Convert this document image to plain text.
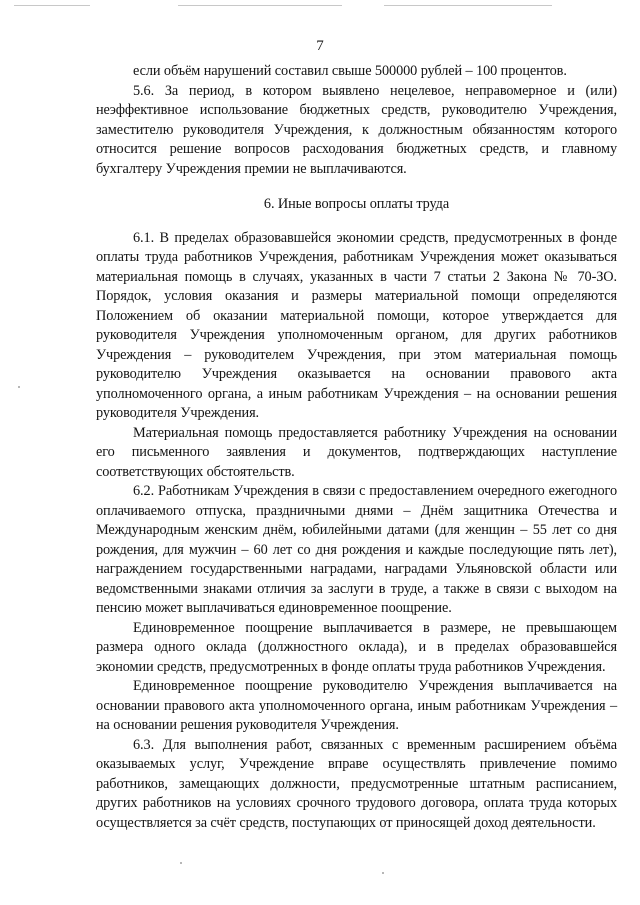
7

если объём нарушений составил свыше 500000 рублей – 100 процентов.

5.6. За период, в котором выявлено нецелевое, неправомерное и (или) неэффективное использование бюджетных средств, руководителю Учреждения, заместителю руководителя Учреждения, к должностным обязанностям которого относится решение вопросов расходования бюджетных средств, и главному бухгалтеру Учреждения премии не выплачиваются.

6. Иные вопросы оплаты труда

6.1. В пределах образовавшейся экономии средств, предусмотренных в фонде оплаты труда работников Учреждения, работникам Учреждения может оказываться материальная помощь в случаях, указанных в части 7 статьи 2 Закона № 70-ЗО. Порядок, условия оказания и размеры материальной помощи определяются Положением об оказании материальной помощи, которое утверждается для руководителя Учреждения уполномоченным органом, для других работников Учреждения – руководителем Учреждения, при этом материальная помощь руководителю Учреждения оказывается на основании правового акта уполномоченного органа, а иным работникам Учреждения – на основании решения руководителя Учреждения.

Материальная помощь предоставляется работнику Учреждения на основании его письменного заявления и документов, подтверждающих наступление соответствующих обстоятельств.

6.2. Работникам Учреждения в связи с предоставлением очередного ежегодного оплачиваемого отпуска, праздничными днями – Днём защитника Отечества и Международным женским днём, юбилейными датами (для женщин – 55 лет со дня рождения, для мужчин – 60 лет со дня рождения и каждые последующие пять лет), награждением государственными наградами, наградами Ульяновской области или ведомственными знаками отличия за заслуги в труде, а также в связи с выходом на пенсию может выплачиваться единовременное поощрение.

Единовременное поощрение выплачивается в размере, не превышающем размера одного оклада (должностного оклада), и в пределах образовавшейся экономии средств, предусмотренных в фонде оплаты труда работников Учреждения.

Единовременное поощрение руководителю Учреждения выплачивается на основании правового акта уполномоченного органа, иным работникам Учреждения – на основании решения руководителя Учреждения.

6.3. Для выполнения работ, связанных с временным расширением объёма оказываемых услуг, Учреждение вправе осуществлять привлечение помимо работников, замещающих должности, предусмотренные штатным расписанием, других работников на условиях срочного трудового договора, оплата труда которых осуществляется за счёт средств, поступающих от приносящей доход деятельности.
